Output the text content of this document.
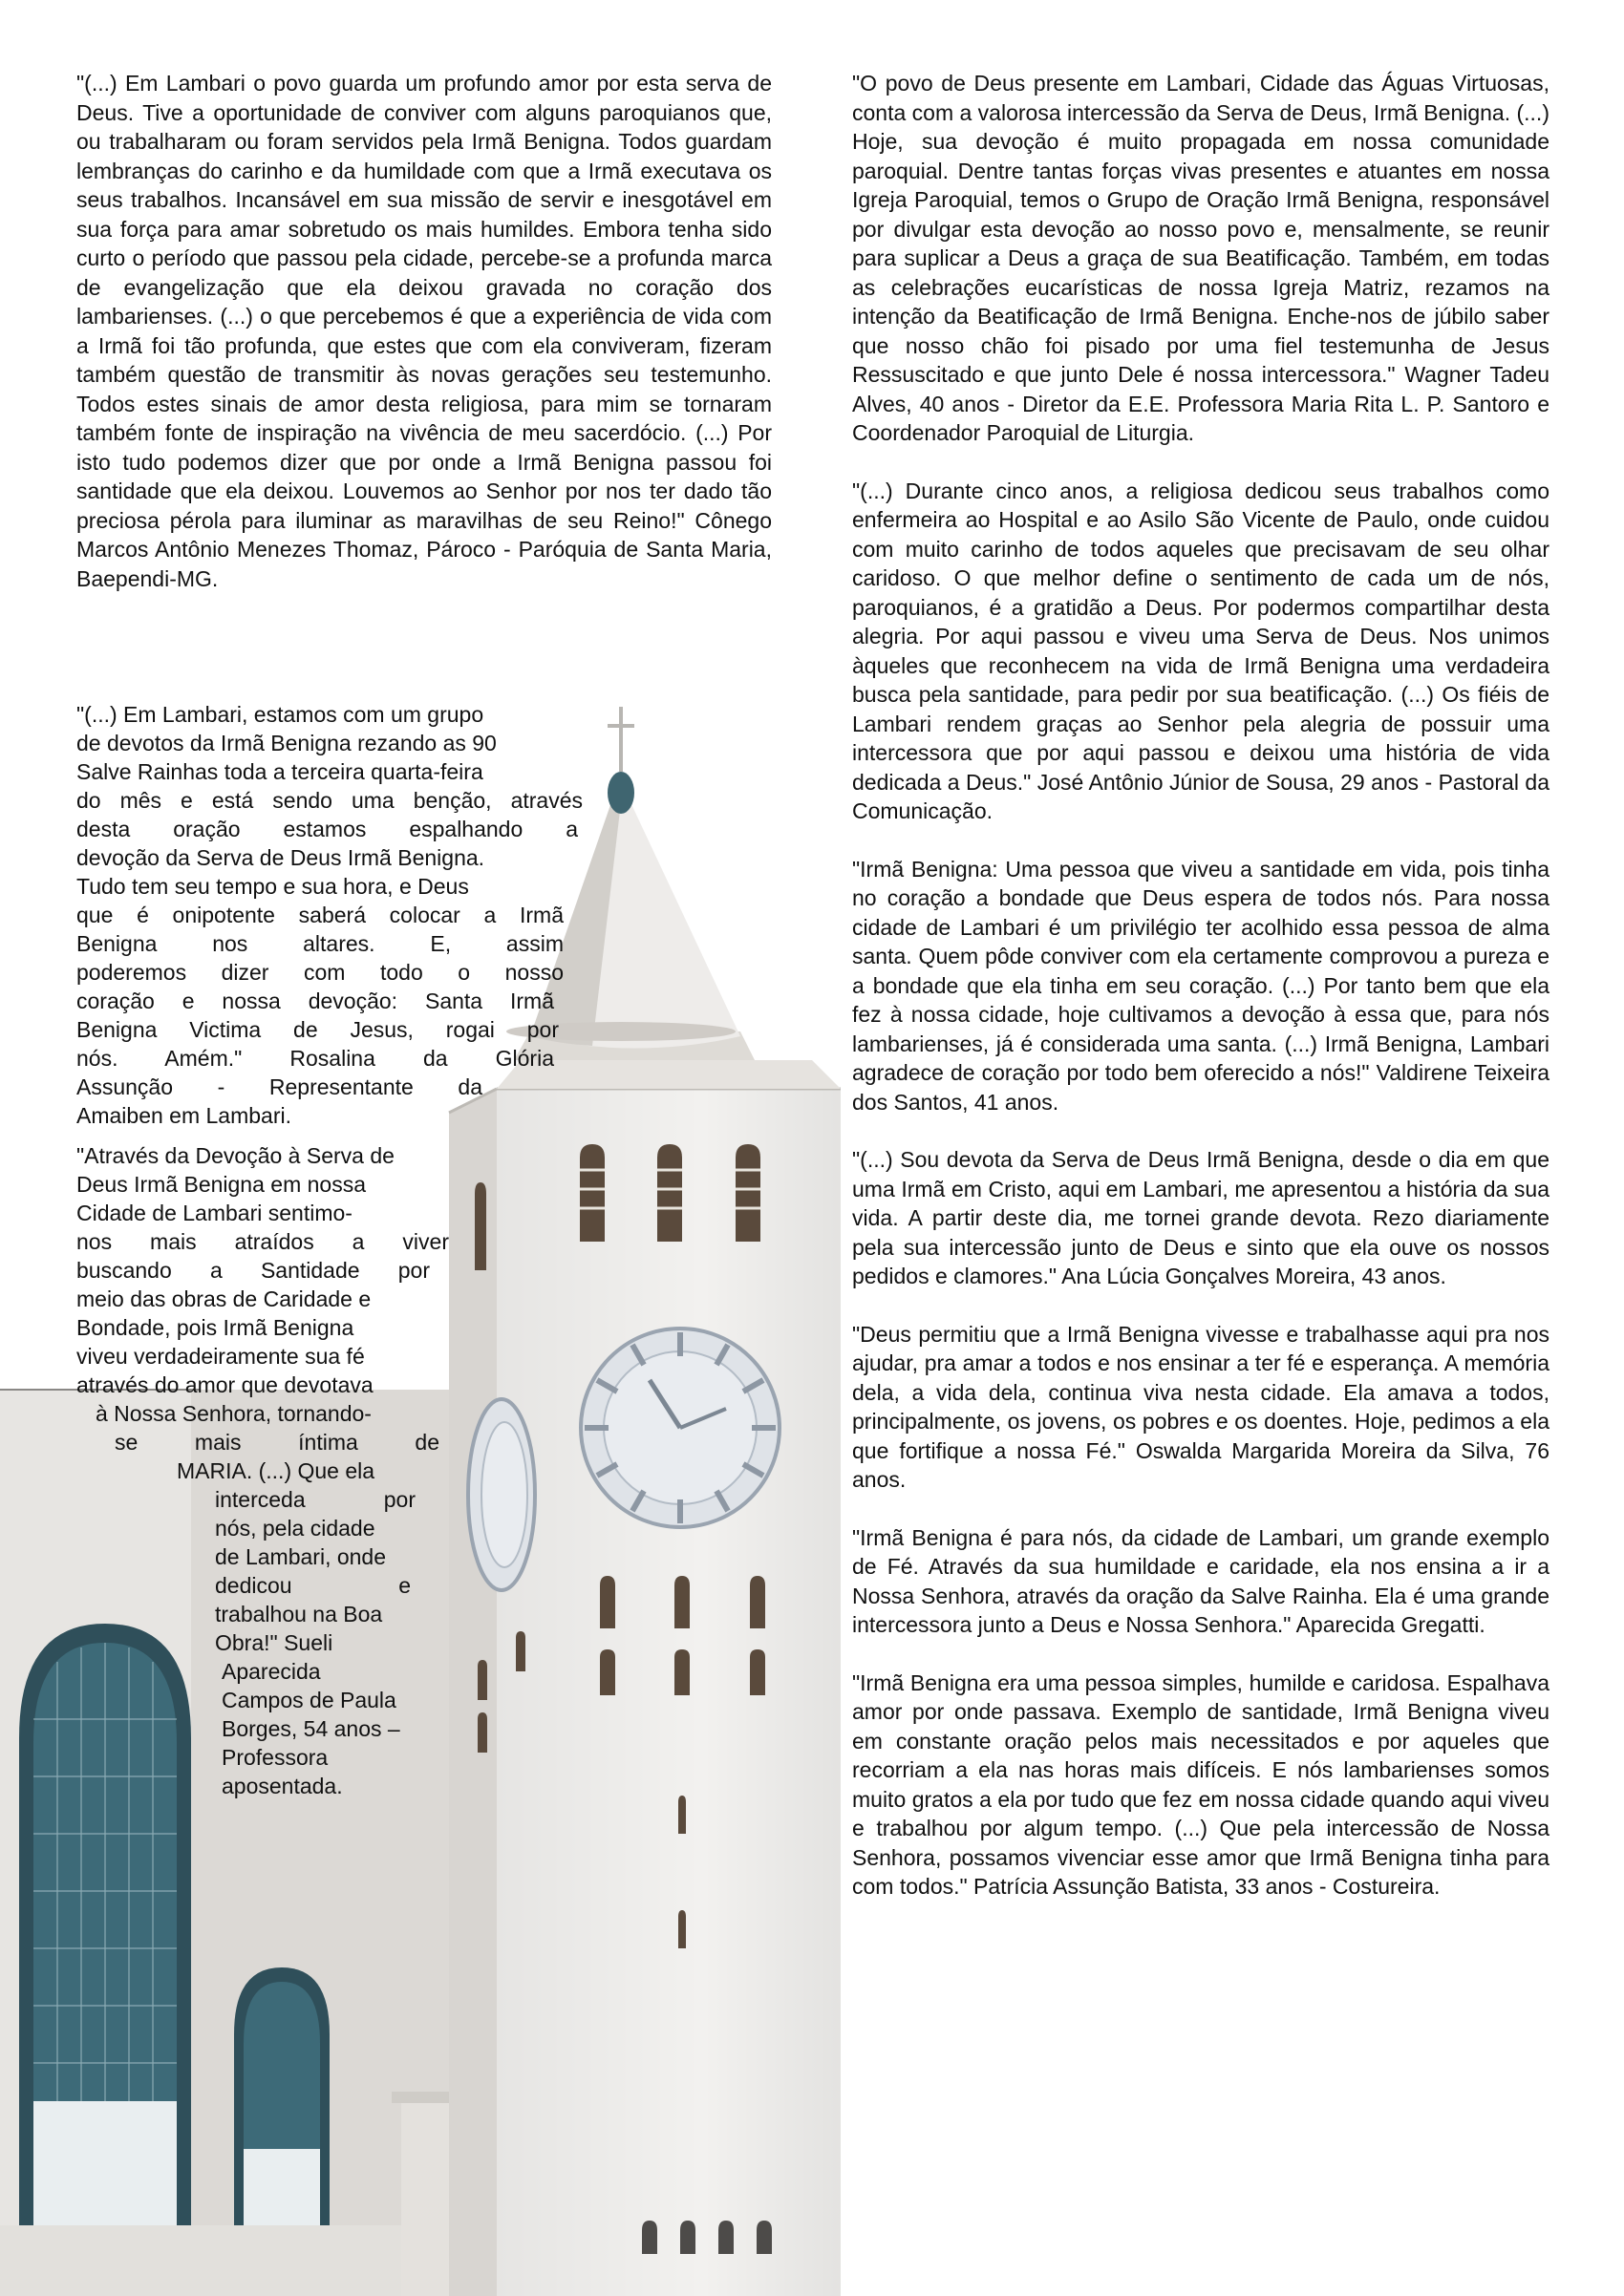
"(...) Em Lambari o povo guarda um profundo amor por esta serva de Deus. Tive a oportunidade de conviver com alguns paroquianos que, ou trabalharam ou foram servidos pela Irmã Benigna. Todos guardam lembranças do carinho e da humildade com que a Irmã executava os seus trabalhos. Incansável em sua missão de servir e inesgotável em sua força para amar sobretudo os mais humildes. Embora tenha sido curto o período que passou pela cidade, percebe-se a profunda marca de evangelização que ela deixou gravada no coração dos lambarienses. (...) o que percebemos é que a experiência de vida com a Irmã foi tão profunda, que estes que com ela conviveram, fizeram também questão de transmitir às novas gerações seu testemunho. Todos estes sinais de amor desta religiosa, para mim se tornaram também fonte de inspiração na vivência de meu sacerdócio. (...) Por isto tudo podemos dizer que por onde a Irmã Benigna passou foi santidade que ela deixou. Louvemos ao Senhor por nos ter dado tão preciosa pérola para iluminar as maravilhas de seu Reino!" Cônego Marcos Antônio Menezes Thomaz, Pároco - Paróquia de Santa Maria, Baependi-MG.

"(...) Em Lambari, estamos com um grupo
de devotos da Irmã Benigna rezando as 90
Salve Rainhas toda a terceira quarta-feira
do mês e está sendo uma benção, através
desta oração estamos espalhando a
devoção da Serva de Deus Irmã Benigna.
Tudo tem seu tempo e sua hora, e Deus
que é onipotente saberá colocar a Irmã
Benigna nos altares. E, assim
poderemos dizer com todo o nosso
coração e nossa devoção: Santa Irmã
Benigna Victima de Jesus, rogai por
nós. Amém." Rosalina da Glória
Assunção - Representante da
Amaiben em Lambari.
"Através da Devoção à Serva de
Deus Irmã Benigna em nossa
Cidade de Lambari sentimo-
nos mais atraídos a viver
buscando a Santidade por
meio das obras de Caridade e
Bondade, pois Irmã Benigna
viveu verdadeiramente sua fé
através do amor que devotava
à Nossa Senhora, tornando-
se mais íntima de
MARIA. (...) Que ela
interceda por
nós, pela cidade
de Lambari, onde
dedicou e
trabalhou na Boa
Obra!" Sueli
Aparecida
Campos de Paula
Borges, 54 anos –
Professora
aposentada.

"O povo de Deus presente em Lambari, Cidade das Águas Virtuosas, conta com a valorosa intercessão da Serva de Deus, Irmã Benigna. (...) Hoje, sua devoção é muito propagada em nossa comunidade paroquial. Dentre tantas forças vivas presentes e atuantes em nossa Igreja Paroquial, temos o Grupo de Oração Irmã Benigna, responsável por divulgar esta devoção ao nosso povo e, mensalmente, se reunir para suplicar a Deus a graça de sua Beatificação. Também, em todas as celebrações eucarísticas de nossa Igreja Matriz, rezamos na intenção da Beatificação de Irmã Benigna. Enche-nos de júbilo saber que nosso chão foi pisado por uma fiel testemunha de Jesus Ressuscitado e que junto Dele é nossa intercessora." Wagner Tadeu Alves, 40 anos - Diretor da E.E. Professora Maria Rita L. P. Santoro e Coordenador Paroquial de Liturgia.

"(...) Durante cinco anos, a religiosa dedicou seus trabalhos como enfermeira ao Hospital e ao Asilo São Vicente de Paulo, onde cuidou com muito carinho de todos aqueles que precisavam de seu olhar caridoso. O que melhor define o sentimento de cada um de nós, paroquianos, é a gratidão a Deus. Por podermos compartilhar desta alegria. Por aqui passou e viveu uma Serva de Deus. Nos unimos àqueles que reconhecem na vida de Irmã Benigna uma verdadeira busca pela santidade, para pedir por sua beatificação. (...) Os fiéis de Lambari rendem graças ao Senhor pela alegria de possuir uma intercessora que por aqui passou e deixou uma história de vida dedicada a Deus." José Antônio Júnior de Sousa, 29 anos - Pastoral da Comunicação.

"Irmã Benigna: Uma pessoa que viveu a santidade em vida, pois tinha no coração a bondade que Deus espera de todos nós. Para nossa cidade de Lambari é um privilégio ter acolhido essa pessoa de alma santa. Quem pôde conviver com ela certamente comprovou a pureza e a bondade que ela tinha em seu coração. (...) Por tanto bem que ela fez à nossa cidade, hoje cultivamos a devoção à essa que, para nós lambarienses, já é considerada uma santa. (...) Irmã Benigna, Lambari agradece de coração por todo bem oferecido a nós!" Valdirene Teixeira dos Santos, 41 anos.

"(...) Sou devota da Serva de Deus Irmã Benigna, desde o dia em que uma Irmã em Cristo, aqui em Lambari, me apresentou a história da sua vida. A partir deste dia, me tornei grande devota. Rezo diariamente pela sua intercessão junto de Deus e sinto que ela ouve os nossos pedidos e clamores." Ana Lúcia Gonçalves Moreira, 43 anos.

"Deus permitiu que a Irmã Benigna vivesse e trabalhasse aqui pra nos ajudar, pra amar a todos e nos ensinar a ter fé e esperança. A memória dela, a vida dela, continua viva nesta cidade. Ela amava a todos, principalmente, os jovens, os pobres e os doentes. Hoje, pedimos a ela que fortifique a nossa Fé." Oswalda Margarida Moreira da Silva, 76 anos.

"Irmã Benigna é para nós, da cidade de Lambari, um grande exemplo de Fé. Através da sua humildade e caridade, ela nos ensina a ir a Nossa Senhora, através da oração da Salve Rainha. Ela é uma grande intercessora junto a Deus e Nossa Senhora." Aparecida Gregatti.

"Irmã Benigna era uma pessoa simples, humilde e caridosa. Espalhava amor por onde passava. Exemplo de santidade, Irmã Benigna viveu em constante oração pelos mais necessitados e por aqueles que recorriam a ela nas horas mais difíceis. E nós lambarienses somos muito gratos a ela por tudo que fez em nossa cidade quando aqui viveu e trabalhou por algum tempo. (...) Que pela intercessão de Nossa Senhora, possamos vivenciar esse amor que Irmã Benigna tinha para com todos." Patrícia Assunção Batista, 33 anos - Costureira.
